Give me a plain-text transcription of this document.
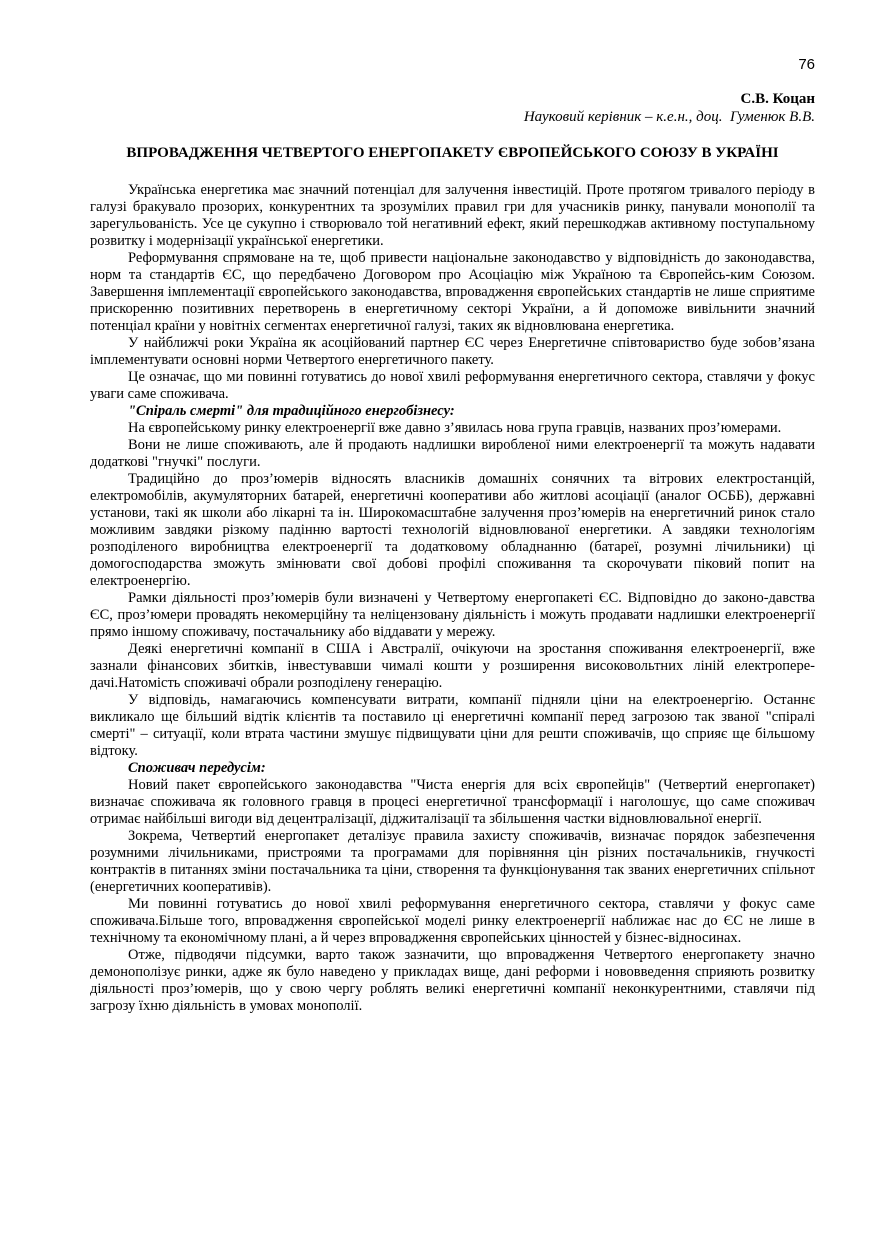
76
С.В. Коцан
Науковий керівник – к.е.н., доц.  Гуменюк В.В.
ВПРОВАДЖЕННЯ ЧЕТВЕРТОГО ЕНЕРГОПАКЕТУ ЄВРОПЕЙСЬКОГО СОЮЗУ В УКРАЇНІ

Українська енергетика має значний потенціал для залучення інвестицій. Проте протягом тривалого періоду в галузі бракувало прозорих, конкурентних та зрозумілих правил гри для учасників ринку, панували монополії та зарегульованість. Усе це сукупно і створювало той негативний ефект, який перешкоджав активному поступальному розвитку і модернізації української енергетики.

Реформування спрямоване на те, щоб привести національне законодавство у відповідність до законодавства, норм та стандартів ЄС, що передбачено Договором про Асоціацію між Україною та Європейсь-ким Союзом. Завершення імплементації європейського законодавства, впровадження європейських стандартів не лише сприятиме прискоренню позитивних перетворень в енергетичному секторі України, а й допоможе вивільнити значний потенціал країни у новітніх сегментах енергетичної галузі, таких як відновлювана енергетика.

У найближчі роки Україна як асоційований партнер ЄС через Енергетичне співтовариство буде зобов’язана імплементувати основні норми Четвертого енергетичного пакету.

Це означає, що ми повинні готуватись до нової хвилі реформування енергетичного сектора, ставлячи у фокус уваги саме споживача.

"Спіраль смерті" для традиційного енергобізнесу:

На європейському ринку електроенергії вже давно з’явилась нова група гравців, названих проз’юмерами.

Вони не лише споживають, але й продають надлишки виробленої ними електроенергії та можуть надавати додаткові "гнучкі" послуги.

Традиційно до проз’юмерів відносять власників домашніх сонячних та вітрових електростанцій, електромобілів, акумуляторних батарей, енергетичні кооперативи або житлові асоціації (аналог ОСББ), державні установи, такі як школи або лікарні та ін. Широкомасштабне залучення проз’юмерів на енергетичний ринок стало можливим завдяки різкому падінню вартості технологій відновлюваної енергетики. А завдяки технологіям розподіленого виробництва електроенергії та додатковому обладнанню (батареї, розумні лічильники) ці домогосподарства зможуть змінювати свої добові профілі споживання та скорочувати піковий попит на електроенергію.

Рамки діяльності проз’юмерів були визначені у Четвертому енергопакеті ЄС. Відповідно до законо-давства ЄС, проз’юмери провадять некомерційну та неліцензовану діяльність і можуть продавати надлишки електроенергії прямо іншому споживачу, постачальнику або віддавати у мережу.

Деякі енергетичні компанії в США і Австралії, очікуючи на зростання споживання електроенергії, вже зазнали фінансових збитків, інвестувавши чималі кошти у розширення високовольтних ліній електропере-дачі.Натомість споживачі обрали розподілену генерацію.

У відповідь, намагаючись компенсувати витрати, компанії підняли ціни на електроенергію. Останнє викликало ще більший відтік клієнтів та поставило ці енергетичні компанії перед загрозою так званої "спіралі смерті" – ситуації, коли втрата частини змушує підвищувати ціни для решти споживачів, що сприяє ще більшому відтоку.

Споживач передусім:

Новий пакет європейського законодавства "Чиста енергія для всіх європейців" (Четвертий енергопакет) визначає споживача як головного гравця в процесі енергетичної трансформації і наголошує, що саме споживач отримає найбільші вигоди від децентралізації, діджиталізації та збільшення частки відновлювальної енергії.

Зокрема, Четвертий енергопакет деталізує правила захисту споживачів, визначає порядок забезпечення розумними лічильниками, пристроями та програмами для порівняння цін різних постачальників, гнучкості контрактів в питаннях зміни постачальника та ціни, створення та функціонування так званих енергетичних спільнот (енергетичних кооперативів).

Ми повинні готуватись до нової хвилі реформування енергетичного сектора, ставлячи у фокус саме споживача.Більше того, впровадження європейської моделі ринку електроенергії наближає нас до ЄС не лише в технічному та економічному плані, а й через впровадження європейських цінностей у бізнес-відносинах.

Отже, підводячи підсумки, варто також зазначити, що впровадження Четвертого енергопакету значно демонополізує ринки, адже як було наведено у прикладах вище, дані реформи і нововведення сприяють розвитку діяльності проз’юмерів, що у свою чергу роблять великі енергетичні компанії неконкурентними, ставлячи під загрозу їхню діяльність в умовах монополії.
